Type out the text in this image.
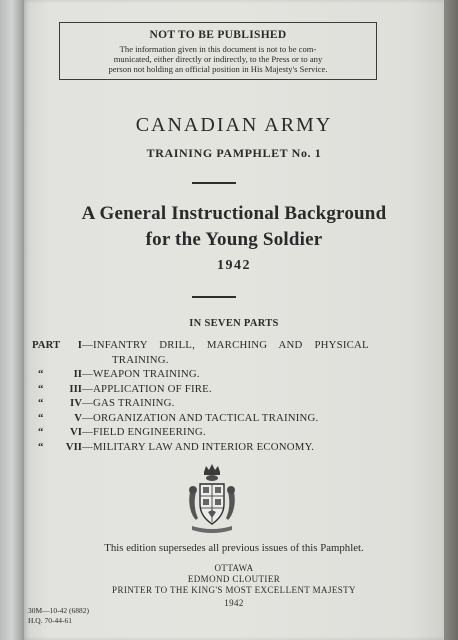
NOT TO BE PUBLISHED
The information given in this document is not to be com-
municated, either directly or indirectly, to the Press or to any
person not holding an official position in His Majesty's Service.
CANADIAN ARMY
TRAINING PAMPHLET No. 1
A General Instructional Background
for the Young Soldier
1942
IN SEVEN PARTS
PART	I —INFANTRY DRILL, MARCHING AND PHYSICAL
TRAINING.
“	II —WEAPON TRAINING.
“	III —APPLICATION OF FIRE.
“	IV —GAS TRAINING.
“	V —ORGANIZATION AND TACTICAL TRAINING.
“	VI —FIELD ENGINEERING.
“	VII —MILITARY LAW AND INTERIOR ECONOMY.
This edition supersedes all previous issues of this Pamphlet.
OTTAWA
EDMOND CLOUTIER
PRINTER TO THE KING'S MOST EXCELLENT MAJESTY
1942
30M—10-42 (6882)
H.Q. 70-44-61
